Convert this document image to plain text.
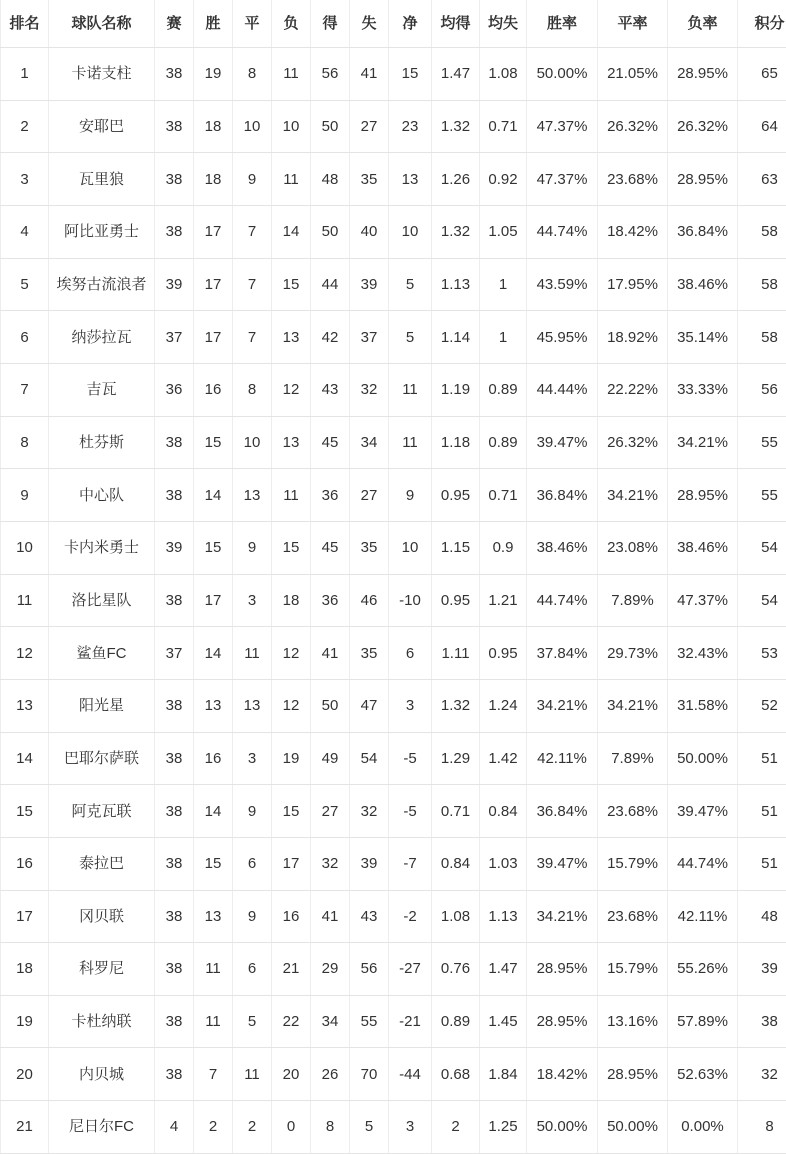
排名	球队名称	赛	胜	平	负	得	失	净	均得	均失	胜率	平率	负率	积分
1	卡诺支柱	38	19	8	11	56	41	15	1.47	1.08	50.00%	21.05%	28.95%	65
2	安耶巴	38	18	10	10	50	27	23	1.32	0.71	47.37%	26.32%	26.32%	64
3	瓦里狼	38	18	9	11	48	35	13	1.26	0.92	47.37%	23.68%	28.95%	63
4	阿比亚勇士	38	17	7	14	50	40	10	1.32	1.05	44.74%	18.42%	36.84%	58
5	埃努古流浪者	39	17	7	15	44	39	5	1.13	1	43.59%	17.95%	38.46%	58
6	纳莎拉瓦	37	17	7	13	42	37	5	1.14	1	45.95%	18.92%	35.14%	58
7	吉瓦	36	16	8	12	43	32	11	1.19	0.89	44.44%	22.22%	33.33%	56
8	杜芬斯	38	15	10	13	45	34	11	1.18	0.89	39.47%	26.32%	34.21%	55
9	中心队	38	14	13	11	36	27	9	0.95	0.71	36.84%	34.21%	28.95%	55
10	卡内米勇士	39	15	9	15	45	35	10	1.15	0.9	38.46%	23.08%	38.46%	54
11	洛比星队	38	17	3	18	36	46	-10	0.95	1.21	44.74%	7.89%	47.37%	54
12	鲨鱼FC	37	14	11	12	41	35	6	1.11	0.95	37.84%	29.73%	32.43%	53
13	阳光星	38	13	13	12	50	47	3	1.32	1.24	34.21%	34.21%	31.58%	52
14	巴耶尔萨联	38	16	3	19	49	54	-5	1.29	1.42	42.11%	7.89%	50.00%	51
15	阿克瓦联	38	14	9	15	27	32	-5	0.71	0.84	36.84%	23.68%	39.47%	51
16	泰拉巴	38	15	6	17	32	39	-7	0.84	1.03	39.47%	15.79%	44.74%	51
17	冈贝联	38	13	9	16	41	43	-2	1.08	1.13	34.21%	23.68%	42.11%	48
18	科罗尼	38	11	6	21	29	56	-27	0.76	1.47	28.95%	15.79%	55.26%	39
19	卡杜纳联	38	11	5	22	34	55	-21	0.89	1.45	28.95%	13.16%	57.89%	38
20	内贝城	38	7	11	20	26	70	-44	0.68	1.84	18.42%	28.95%	52.63%	32
21	尼日尔FC	4	2	2	0	8	5	3	2	1.25	50.00%	50.00%	0.00%	8
